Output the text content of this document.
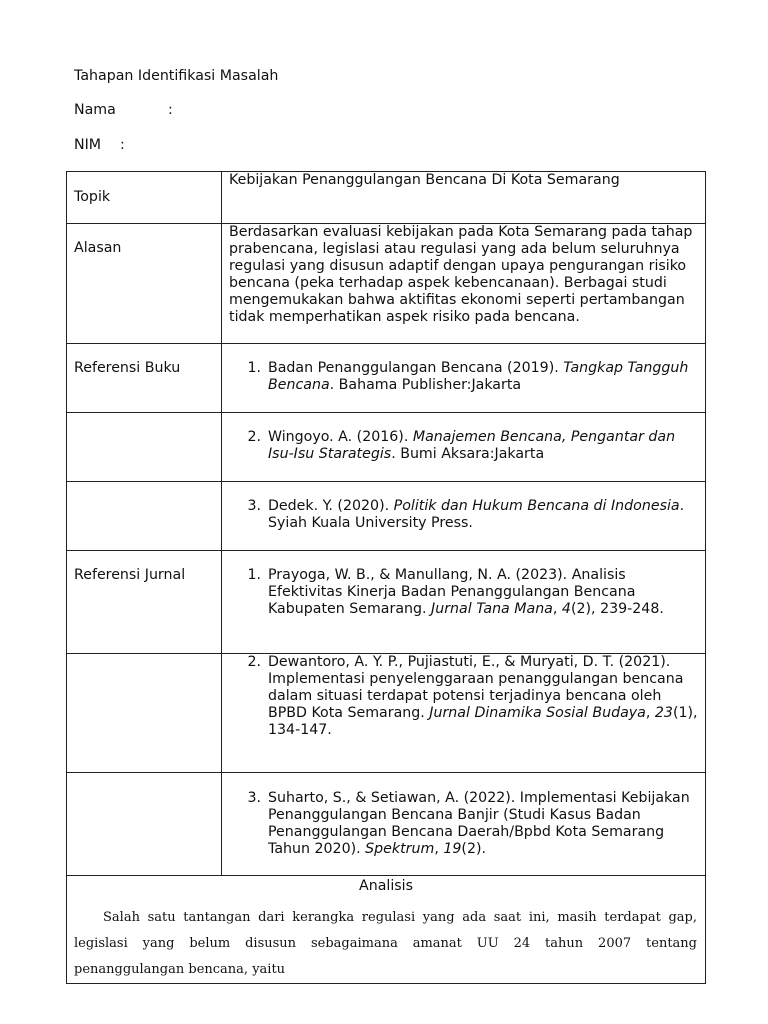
Tahapan Identifikasi Masalah

Nama	:

NIM :

Topik	Kebijakan Penanggulangan Bencana Di Kota Semarang

Alasan	Berdasarkan evaluasi kebijakan pada Kota Semarang pada tahap prabencana, legislasi atau regulasi yang ada belum seluruhnya regulasi yang disusun adaptif dengan upaya pengurangan risiko bencana (peka terhadap aspek kebencanaan). Berbagai studi mengemukakan bahwa aktifitas ekonomi seperti pertambangan tidak memperhatikan aspek risiko pada bencana.

Referensi Buku	1. Badan Penanggulangan Bencana (2019). Tangkap Tangguh Bencana. Bahama Publisher:Jakarta

	2. Wingoyo. A. (2016). Manajemen Bencana, Pengantar dan Isu-Isu Starategis. Bumi Aksara:Jakarta

	3. Dedek. Y. (2020). Politik dan Hukum Bencana di Indonesia. Syiah Kuala University Press.

Referensi Jurnal	1. Prayoga, W. B., & Manullang, N. A. (2023). Analisis Efektivitas Kinerja Badan Penanggulangan Bencana Kabupaten Semarang. Jurnal Tana Mana, 4(2), 239-248.

	2. Dewantoro, A. Y. P., Pujiastuti, E., & Muryati, D. T. (2021). Implementasi penyelenggaraan penanggulangan bencana dalam situasi terdapat potensi terjadinya bencana oleh BPBD Kota Semarang. Jurnal Dinamika Sosial Budaya, 23(1), 134-147.

	3. Suharto, S., & Setiawan, A. (2022). Implementasi Kebijakan Penanggulangan Bencana Banjir (Studi Kasus Badan Penanggulangan Bencana Daerah/Bpbd Kota Semarang Tahun 2020). Spektrum, 19(2).

Analisis

Salah satu tantangan dari kerangka regulasi yang ada saat ini, masih terdapat gap, legislasi yang belum disusun sebagaimana amanat UU 24 tahun 2007 tentang penanggulangan bencana, yaitu	
